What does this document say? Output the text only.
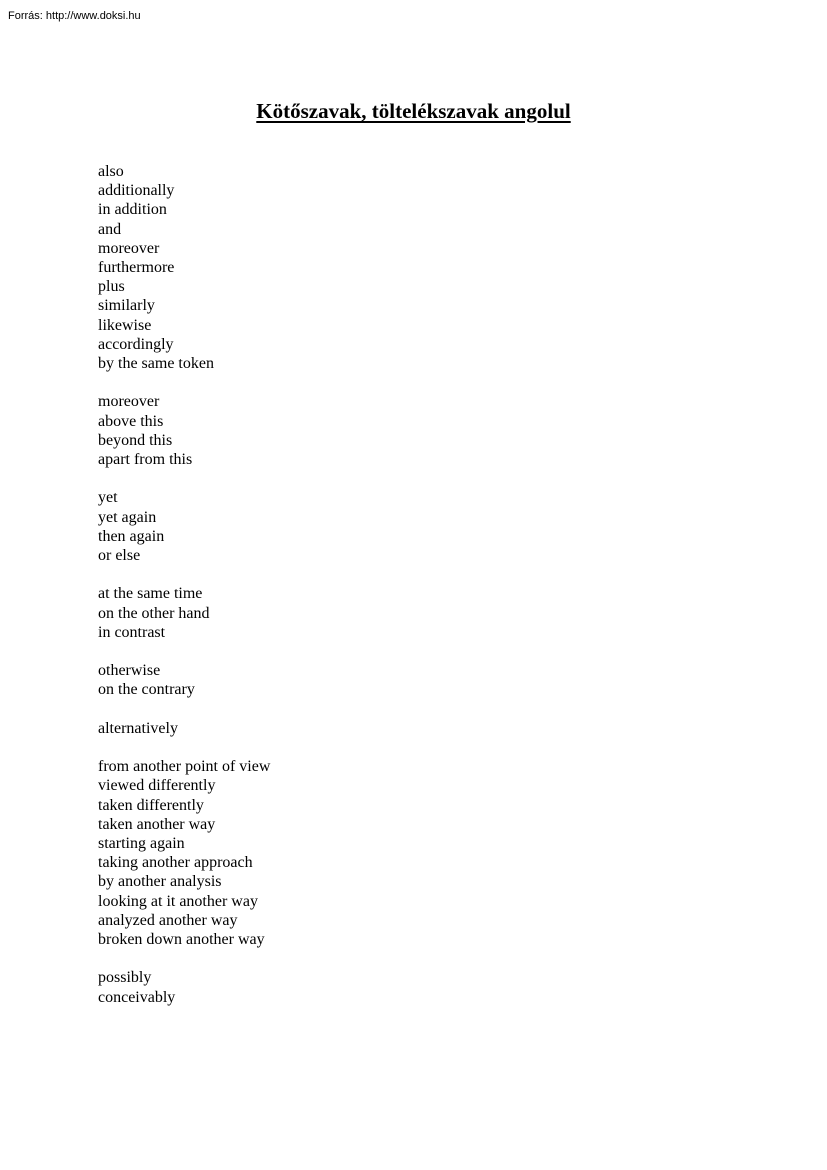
Forrás: http://www.doksi.hu
Kötőszavak, töltelékszavak angolul
also
additionally
in addition
and
moreover
furthermore
plus
similarly
likewise
accordingly
by the same token
moreover
above this
beyond this
apart from this
yet
yet again
then again
or else
at the same time
on the other hand
in contrast
otherwise
on the contrary
alternatively
from another point of view
viewed differently
taken differently
taken another way
starting again
taking another approach
by another analysis
looking at it another way
analyzed another way
broken down another way
possibly
conceivably
